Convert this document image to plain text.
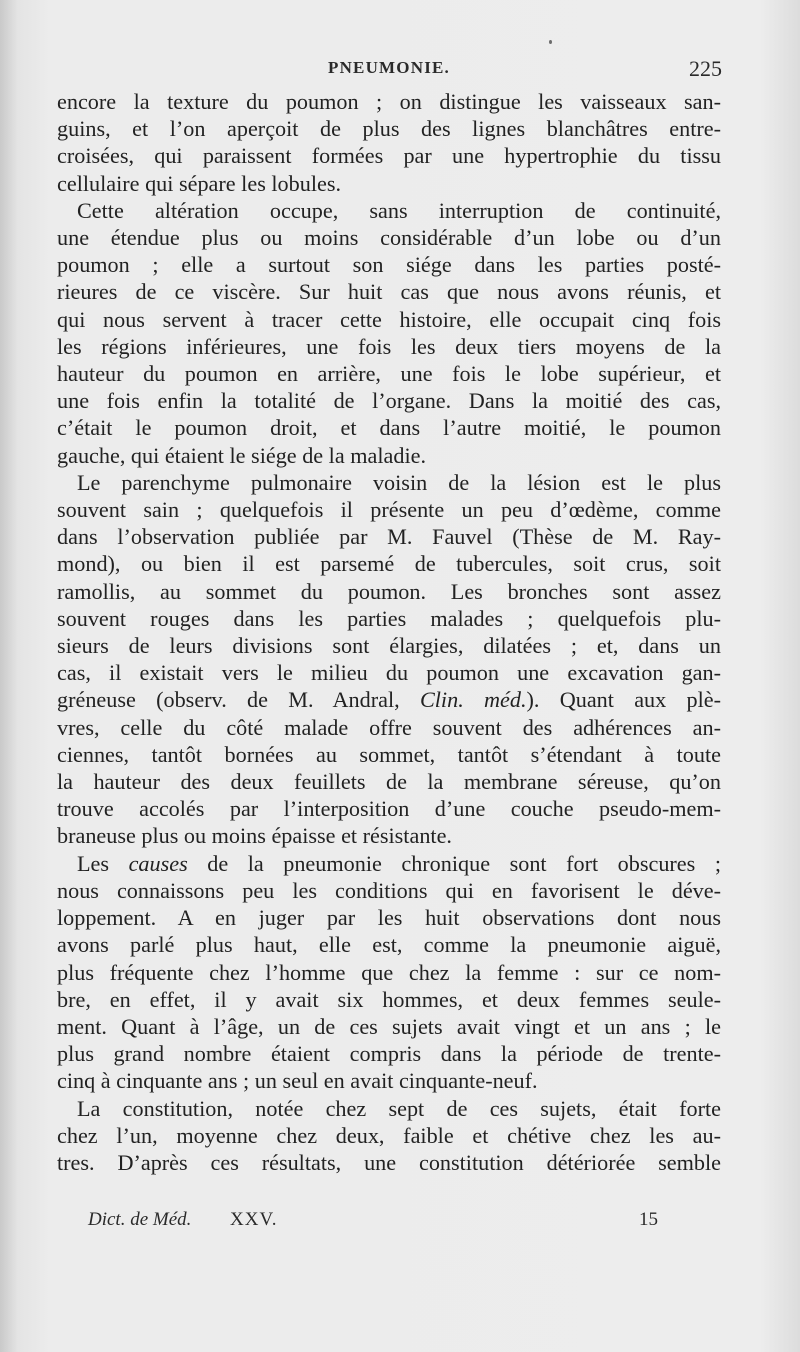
PNEUMONIE.	225
encore la texture du poumon ; on distingue les vaisseaux san-
guins, et l’on aperçoit de plus des lignes blanchâtres entre-
croisées, qui paraissent formées par une hypertrophie du tissu
cellulaire qui sépare les lobules.
Cette altération occupe, sans interruption de continuité,
une étendue plus ou moins considérable d’un lobe ou d’un
poumon ; elle a surtout son siége dans les parties posté-
rieures de ce viscère. Sur huit cas que nous avons réunis, et
qui nous servent à tracer cette histoire, elle occupait cinq fois
les régions inférieures, une fois les deux tiers moyens de la
hauteur du poumon en arrière, une fois le lobe supérieur, et
une fois enfin la totalité de l’organe. Dans la moitié des cas,
c’était le poumon droit, et dans l’autre moitié, le poumon
gauche, qui étaient le siége de la maladie.
Le parenchyme pulmonaire voisin de la lésion est le plus
souvent sain ; quelquefois il présente un peu d’œdème, comme
dans l’observation publiée par M. Fauvel (Thèse de M. Ray-
mond), ou bien il est parsemé de tubercules, soit crus, soit
ramollis, au sommet du poumon. Les bronches sont assez
souvent rouges dans les parties malades ; quelquefois plu-
sieurs de leurs divisions sont élargies, dilatées ; et, dans un
cas, il existait vers le milieu du poumon une excavation gan-
gréneuse (observ. de M. Andral, Clin. méd.). Quant aux plè-
vres, celle du côté malade offre souvent des adhérences an-
ciennes, tantôt bornées au sommet, tantôt s’étendant à toute
la hauteur des deux feuillets de la membrane séreuse, qu’on
trouve accolés par l’interposition d’une couche pseudo-mem-
braneuse plus ou moins épaisse et résistante.
Les causes de la pneumonie chronique sont fort obscures ;
nous connaissons peu les conditions qui en favorisent le déve-
loppement. A en juger par les huit observations dont nous
avons parlé plus haut, elle est, comme la pneumonie aiguë,
plus fréquente chez l’homme que chez la femme : sur ce nom-
bre, en effet, il y avait six hommes, et deux femmes seule-
ment. Quant à l’âge, un de ces sujets avait vingt et un ans ; le
plus grand nombre étaient compris dans la période de trente-
cinq à cinquante ans ; un seul en avait cinquante-neuf.
La constitution, notée chez sept de ces sujets, était forte
chez l’un, moyenne chez deux, faible et chétive chez les au-
tres. D’après ces résultats, une constitution détériorée semble
Dict. de Méd. XXV.	15
